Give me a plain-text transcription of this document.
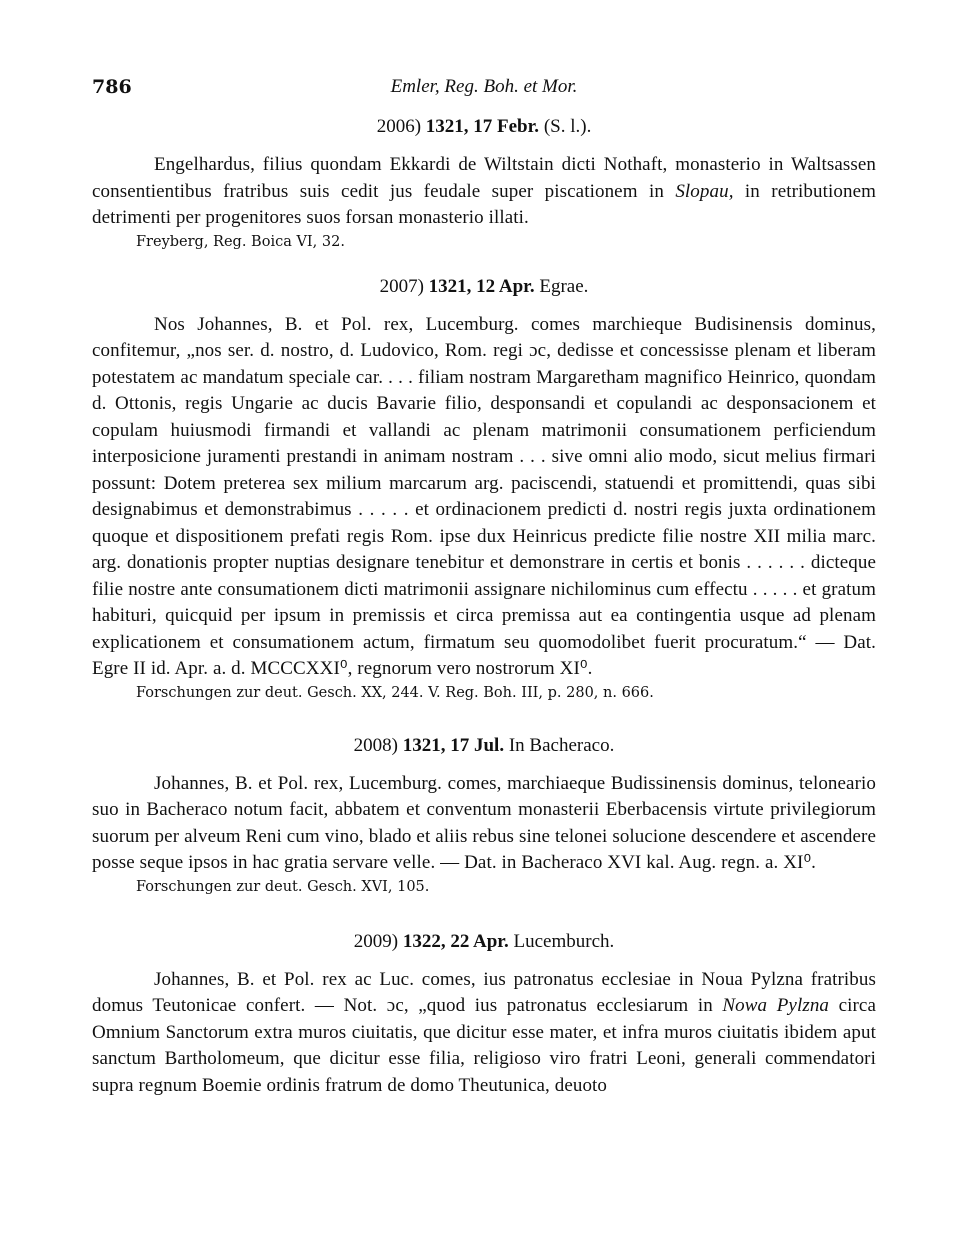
786	Emler, Reg. Boh. et Mor.

2006) 1321, 17 Febr. (S. l.).

Engelhardus, filius quondam Ekkardi de Wiltstain dicti Nothaft, monasterio in Waltsassen consentientibus fratribus suis cedit jus feudale super piscationem in Slopau, in retributionem detrimenti per progenitores suos forsan monasterio illati.

Freyberg, Reg. Boica VI, 32.

2007) 1321, 12 Apr. Egrae.

Nos Johannes, B. et Pol. rex, Lucemburg. comes marchieque Budisinensis dominus, confitemur, „nos ser. d. nostro, d. Ludovico, Rom. regi ɔc, dedisse et concessisse plenam et liberam potestatem ac mandatum speciale car. . . . filiam nostram Margaretham magnifico Heinrico, quondam d. Ottonis, regis Ungarie ac ducis Bavarie filio, desponsandi et copulandi ac desponsacionem et copulam huiusmodi firmandi et vallandi ac plenam matrimonii consumationem perficiendum interposicione juramenti prestandi in animam nostram . . . sive omni alio modo, sicut melius firmari possunt: Dotem preterea sex milium marcarum arg. paciscendi, statuendi et promittendi, quas sibi designabimus et demonstrabimus . . . . . et ordinacionem predicti d. nostri regis juxta ordinationem quoque et dispositionem prefati regis Rom. ipse dux Heinricus predicte filie nostre XII milia marc. arg. donationis propter nuptias designare tenebitur et demonstrare in certis et bonis . . . . . . dicteque filie nostre ante consumationem dicti matrimonii assignare nichilominus cum effectu . . . . . et gratum habituri, quicquid per ipsum in premissis et circa premissa aut ea contingentia usque ad plenam explicationem et consumationem actum, firmatum seu quomodolibet fuerit procuratum.“ — Dat. Egre II id. Apr. a. d. MCCCXXI⁰, regnorum vero nostrorum XI⁰.

Forschungen zur deut. Gesch. XX, 244. V. Reg. Boh. III, p. 280, n. 666.

2008) 1321, 17 Jul. In Bacheraco.

Johannes, B. et Pol. rex, Lucemburg. comes, marchiaeque Budissinensis dominus, teloneario suo in Bacheraco notum facit, abbatem et conventum monasterii Eberbacensis virtute privilegiorum suorum per alveum Reni cum vino, blado et aliis rebus sine telonei solucione descendere et ascendere posse seque ipsos in hac gratia servare velle. — Dat. in Bacheraco XVI kal. Aug. regn. a. XI⁰.

Forschungen zur deut. Gesch. XVI, 105.

2009) 1322, 22 Apr. Lucemburch.

Johannes, B. et Pol. rex ac Luc. comes, ius patronatus ecclesiae in Noua Pylzna fratribus domus Teutonicae confert. — Not. ɔc, „quod ius patronatus ecclesiarum in Nowa Pylzna circa Omnium Sanctorum extra muros ciuitatis, que dicitur esse mater, et infra muros ciuitatis ibidem aput sanctum Bartholomeum, que dicitur esse filia, religioso viro fratri Leoni, generali commendatori supra regnum Boemie ordinis fratrum de domo Theutunica, deuoto
